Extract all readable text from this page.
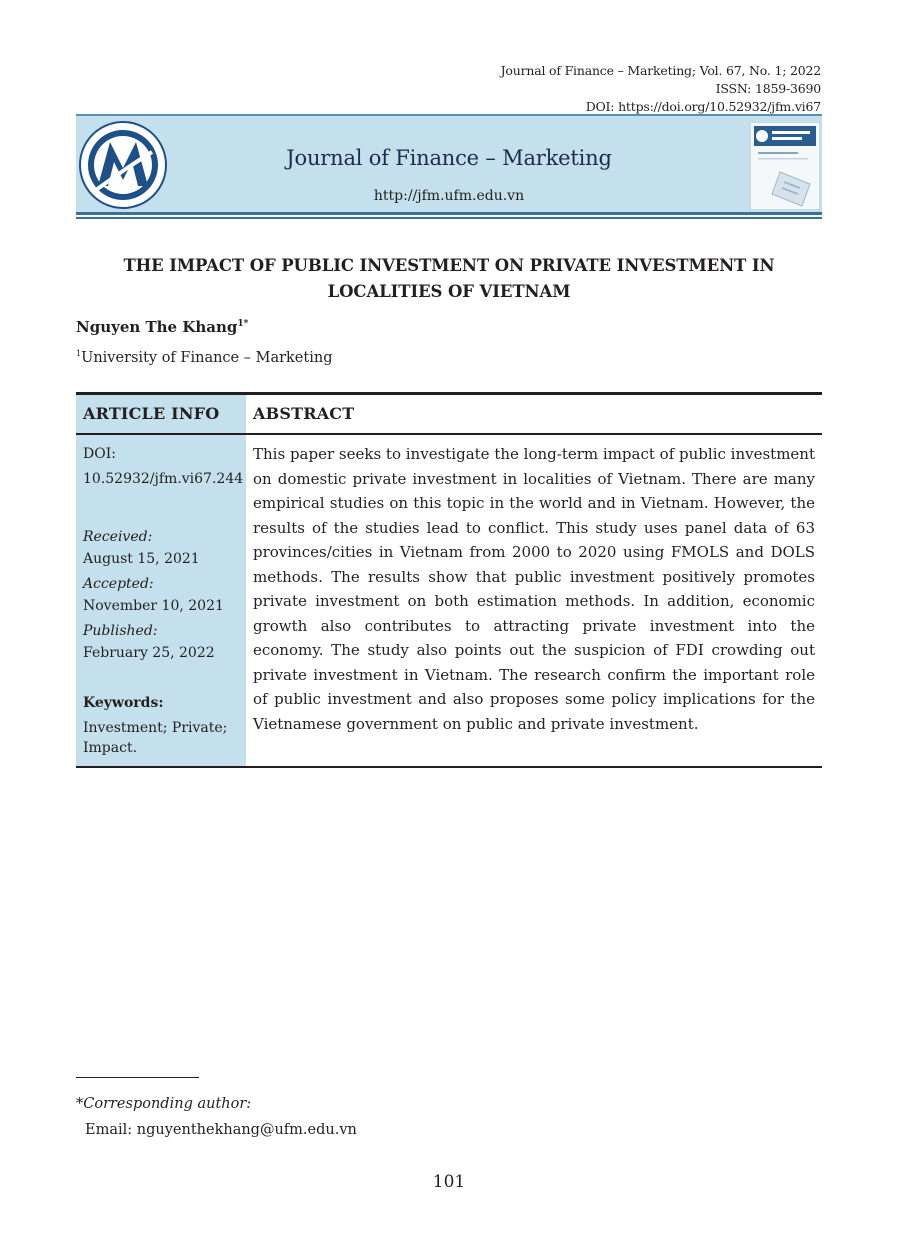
Journal of Finance – Marketing; Vol. 67, No. 1; 2022
ISSN: 1859-3690
DOI: https://doi.org/10.52932/jfm.vi67
Journal of Finance – Marketing
http://jfm.ufm.edu.vn
THE IMPACT OF PUBLIC INVESTMENT ON PRIVATE INVESTMENT IN LOCALITIES OF VIETNAM
Nguyen The Khang$^{1*}$
$^1$University of Finance – Marketing
ARTICLE INFO ABSTRACT
DOI:
10.52932/jfm.vi67.244
Received:
August 15, 2021
Accepted:
November 10, 2021
Published:
February 25, 2022
Keywords:
Investment; Private;
Impact.
This paper seeks to investigate the long-term impact of public investment on domestic private investment in localities of Vietnam. There are many empirical studies on this topic in the world and in Vietnam. However, the results of the studies lead to conflict. This study uses panel data of 63 provinces/cities in Vietnam from 2000 to 2020 using FMOLS and DOLS methods. The results show that public investment positively promotes private investment on both estimation methods. In addition, economic growth also contributes to attracting private investment into the economy. The study also points out the suspicion of FDI crowding out private investment in Vietnam. The research confirm the important role of public investment and also proposes some policy implications for the Vietnamese government on public and private investment.
*Corresponding author:
Email: nguyenthekhang@ufm.edu.vn
101
